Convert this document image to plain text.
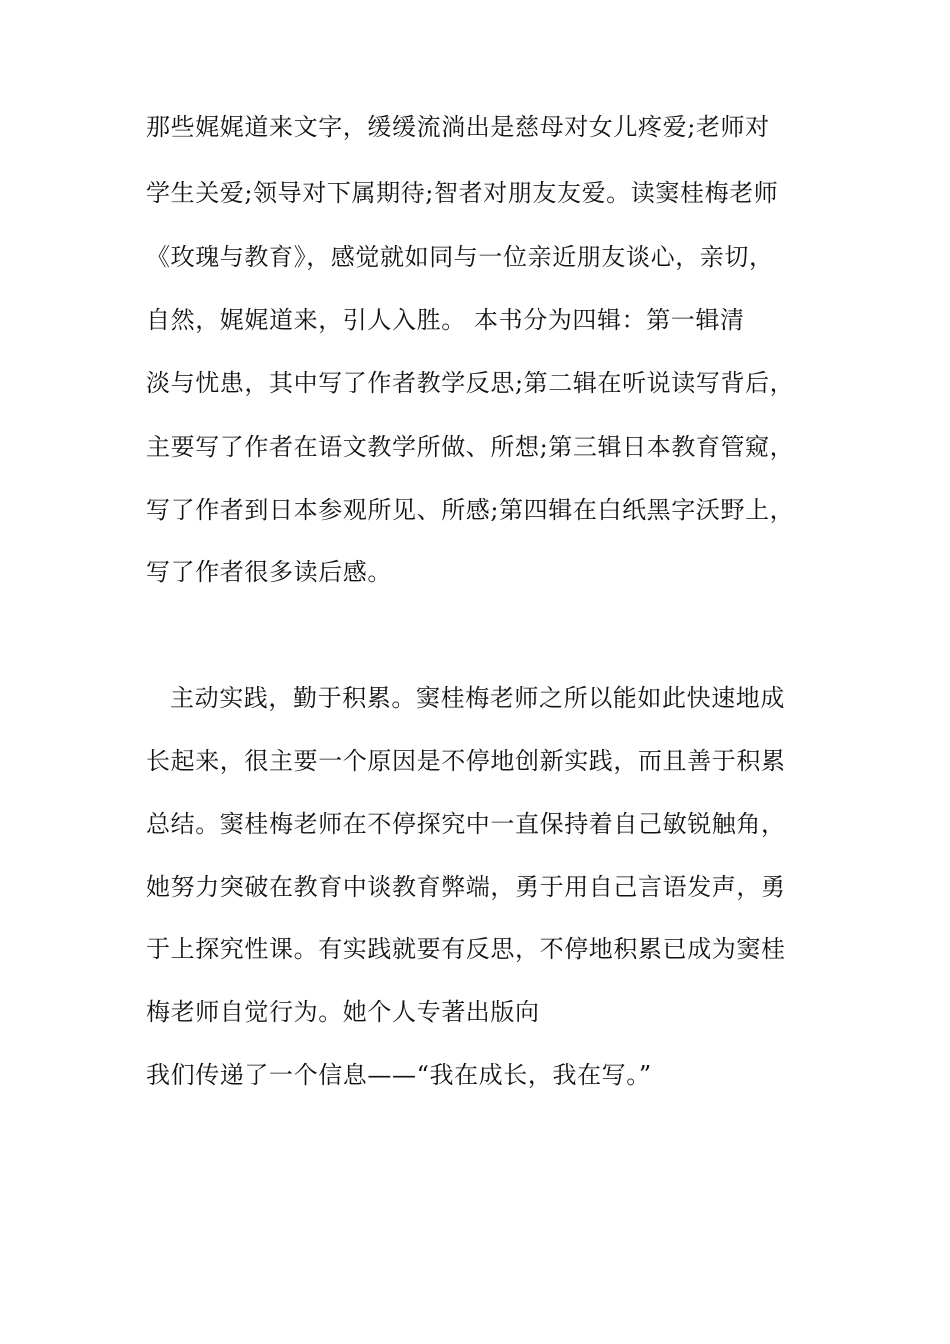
那些娓娓道来文字，缓缓流淌出是慈母对女儿疼爱;老师对
学生关爱;领导对下属期待;智者对朋友友爱。读窦桂梅老师
《玫瑰与教育》，感觉就如同与一位亲近朋友谈心，亲切，
自然，娓娓道来，引人入胜。 本书分为四辑：第一辑清
淡与忧患，其中写了作者教学反思;第二辑在听说读写背后，
主要写了作者在语文教学所做、所想;第三辑日本教育管窥，
写了作者到日本参观所见、所感;第四辑在白纸黑字沃野上，
写了作者很多读后感。
主动实践，勤于积累。窦桂梅老师之所以能如此快速地成
长起来，很主要一个原因是不停地创新实践，而且善于积累
总结。窦桂梅老师在不停探究中一直保持着自己敏锐触角，
她努力突破在教育中谈教育弊端，勇于用自己言语发声，勇
于上探究性课。有实践就要有反思，不停地积累已成为窦桂
梅老师自觉行为。她个人专著出版向
我们传递了一个信息——“我在成长，我在写。”
